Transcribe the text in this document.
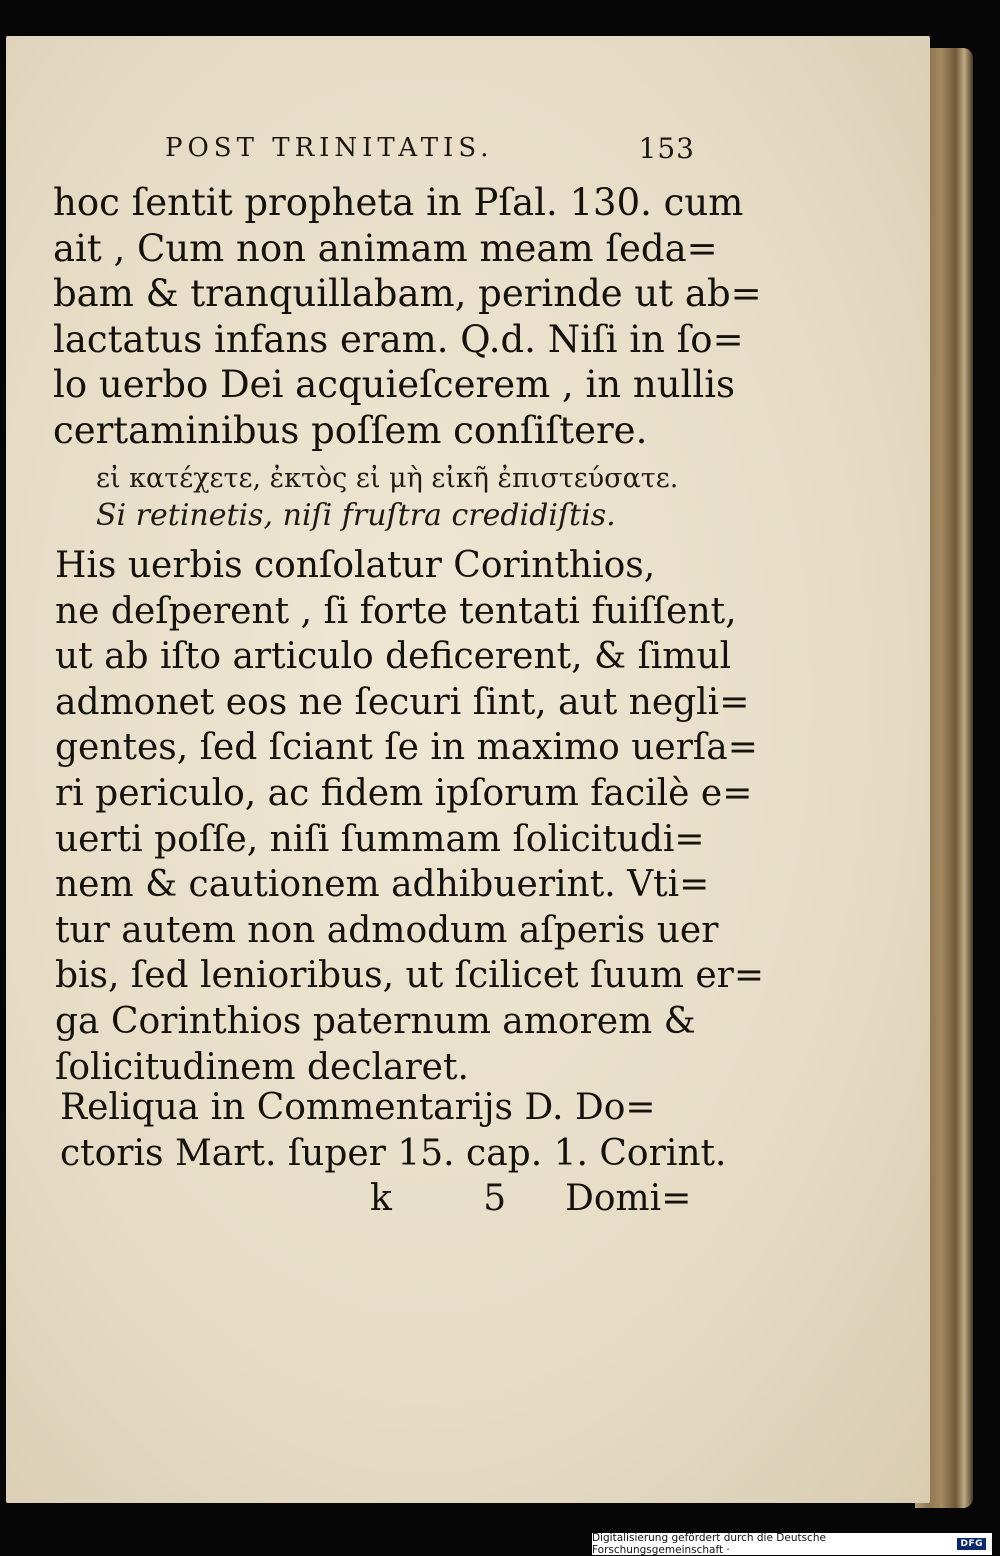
POST TRINITATIS.	153
hoc ſentit propheta in Pſal. 130. cum
ait , Cum non animam meam ſeda=
bam & tranquillabam, perinde ut ab=
lactatus infans eram. Q.d. Niſi in ſo=
lo uerbo Dei acquieſcerem , in nullis
certaminibus poſſem conſiſtere.
εἰ κατέχετε, ἐκτὸς εἰ μὴ εἰκῆ ἐπιστεύσατε.
Si retinetis, niſi fruſtra credidiſtis.
His uerbis conſolatur Corinthios,
ne deſperent , ſi forte tentati fuiſſent,
ut ab iſto articulo deficerent, & ſimul
admonet eos ne ſecuri ſint, aut negli=
gentes, ſed ſciant ſe in maximo uerſa=
ri periculo, ac fidem ipſorum facilè e=
uerti poſſe, niſi ſummam ſolicitudi=
nem & cautionem adhibuerint. Vti=
tur autem non admodum aſperis uer
bis, ſed lenioribus, ut ſcilicet ſuum er=
ga Corinthios paternum amorem &
ſolicitudinem declaret.
Reliqua in Commentarijs D. Do=
ctoris Mart. ſuper 15. cap. 1. Corint.
k 5 Domi=
Digitalisierung gefördert durch die Deutsche Forschungsgemeinschaft ·	DFG
